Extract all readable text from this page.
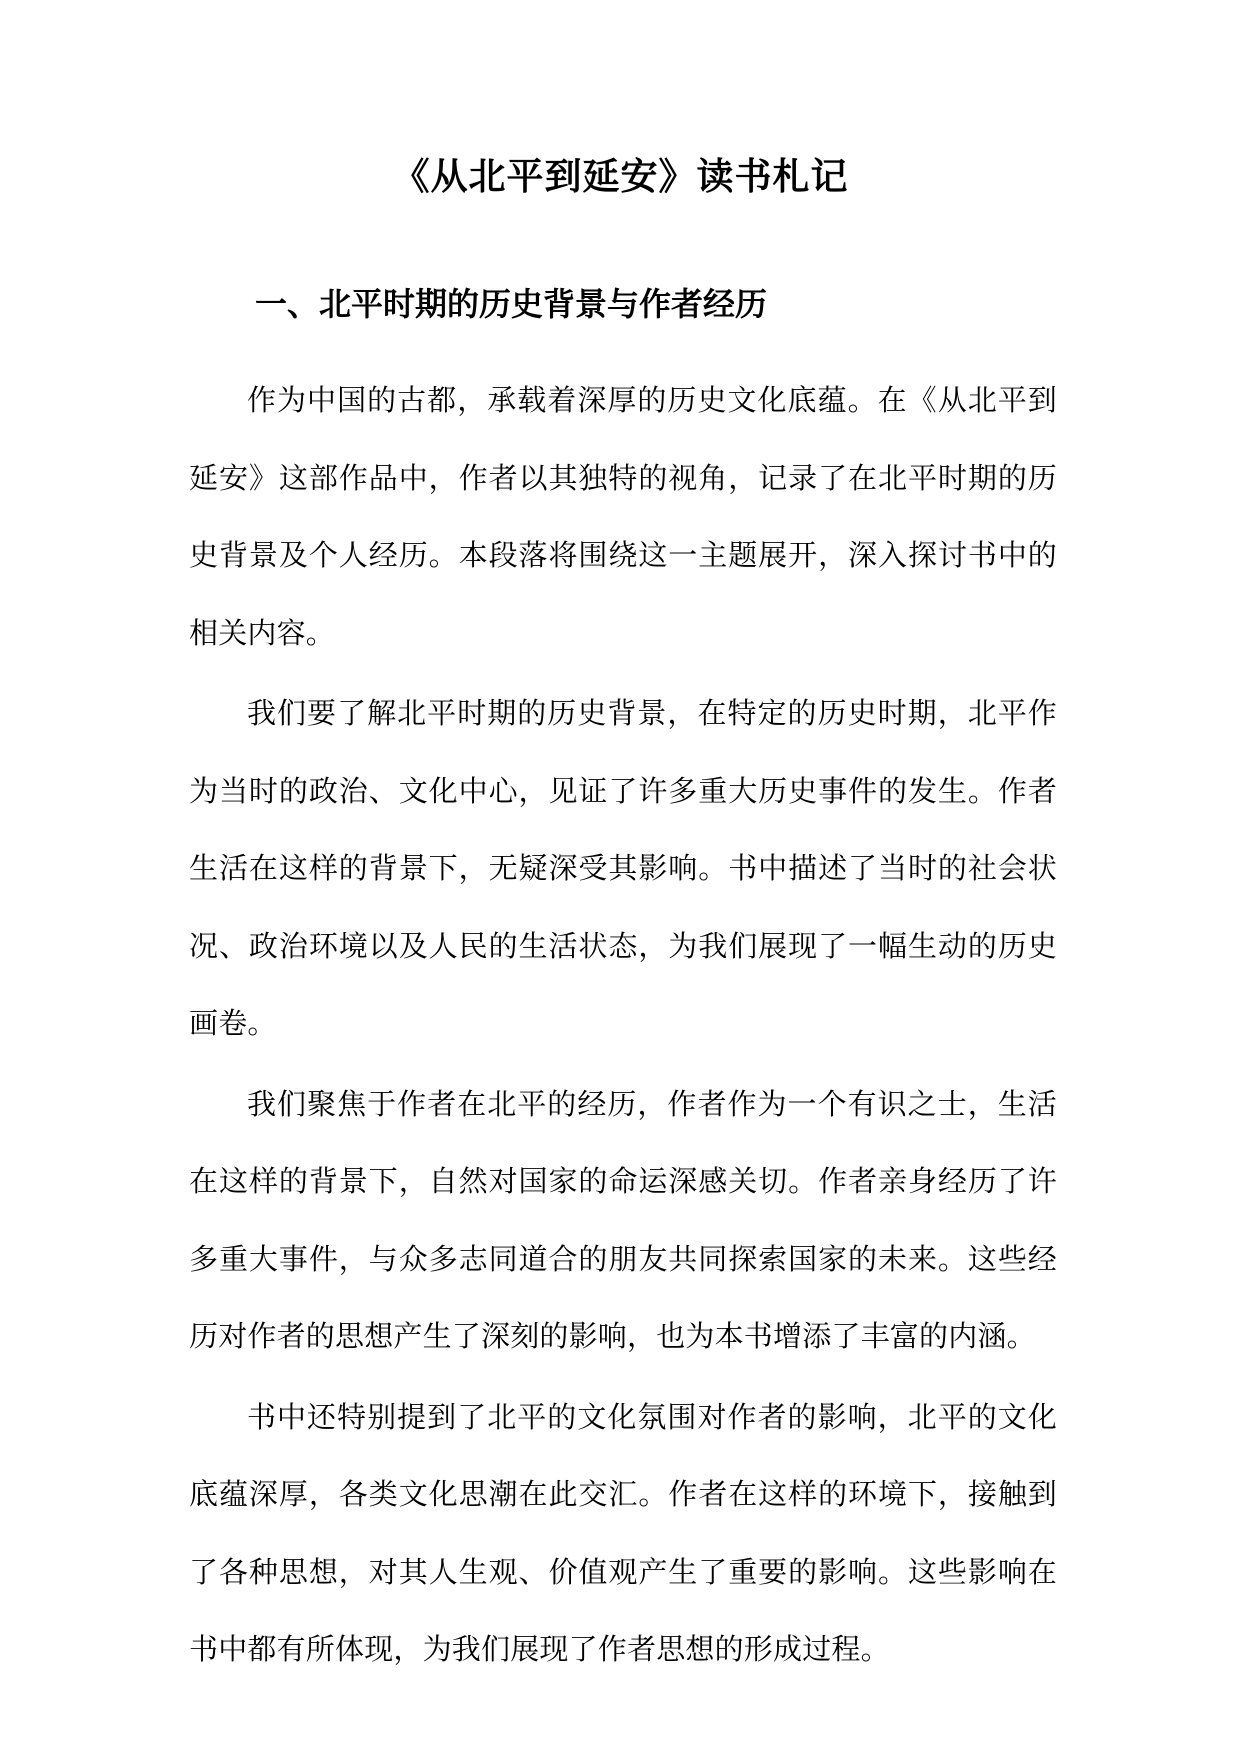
《从北平到延安》读书札记
一、北平时期的历史背景与作者经历

作为中国的古都，承载着深厚的历史文化底蕴。在《从北平到延安》这部作品中，作者以其独特的视角，记录了在北平时期的历史背景及个人经历。本段落将围绕这一主题展开，深入探讨书中的相关内容。

我们要了解北平时期的历史背景，在特定的历史时期，北平作为当时的政治、文化中心，见证了许多重大历史事件的发生。作者生活在这样的背景下，无疑深受其影响。书中描述了当时的社会状况、政治环境以及人民的生活状态，为我们展现了一幅生动的历史画卷。

我们聚焦于作者在北平的经历，作者作为一个有识之士，生活在这样的背景下，自然对国家的命运深感关切。作者亲身经历了许多重大事件，与众多志同道合的朋友共同探索国家的未来。这些经历对作者的思想产生了深刻的影响，也为本书增添了丰富的内涵。

书中还特别提到了北平的文化氛围对作者的影响，北平的文化底蕴深厚，各类文化思潮在此交汇。作者在这样的环境下，接触到了各种思想，对其人生观、价值观产生了重要的影响。这些影响在书中都有所体现，为我们展现了作者思想的形成过程。
